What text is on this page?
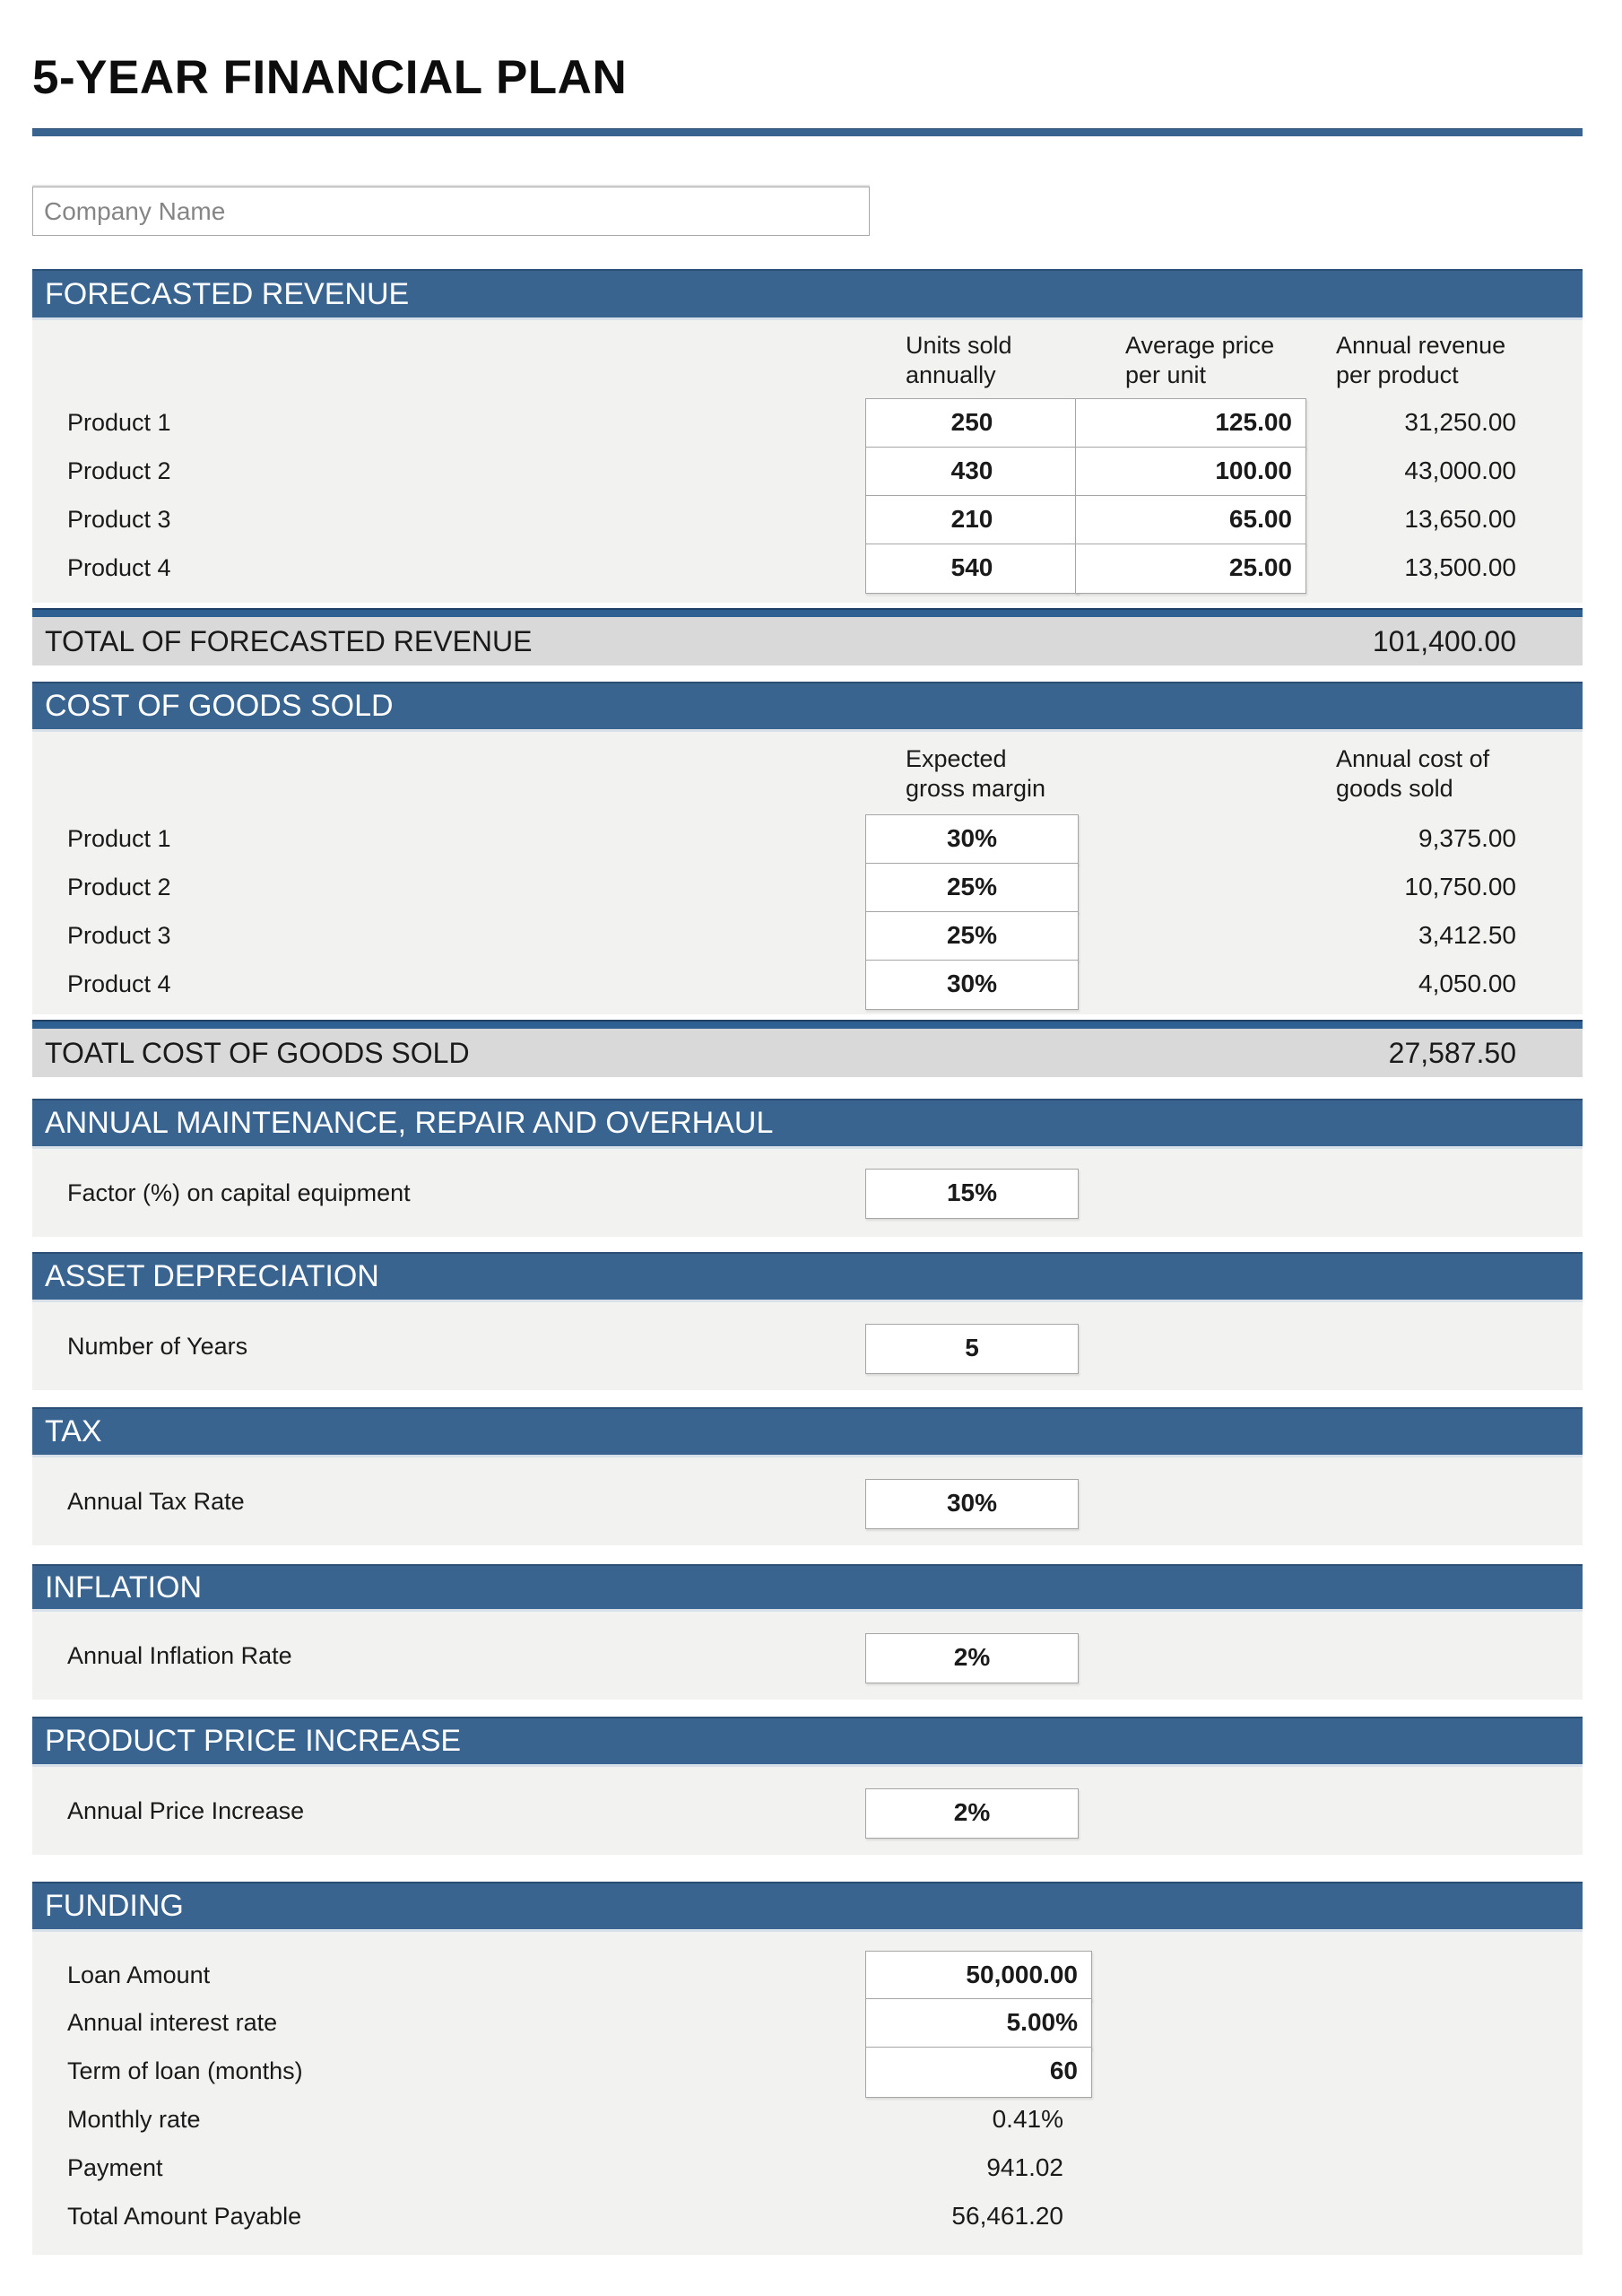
5-YEAR FINANCIAL PLAN
Company Name
FORECASTED REVENUE
Units sold annually
Average price per unit
Annual revenue per product
Product 1	250	125.00	31,250.00
Product 2	430	100.00	43,000.00
Product 3	210	65.00	13,650.00
Product 4	540	25.00	13,500.00
TOTAL OF FORECASTED REVENUE	101,400.00
COST OF GOODS SOLD
Expected gross margin
Annual cost of goods sold
Product 1	30%	9,375.00
Product 2	25%	10,750.00
Product 3	25%	3,412.50
Product 4	30%	4,050.00
TOATL COST OF GOODS SOLD	27,587.50
ANNUAL MAINTENANCE, REPAIR AND OVERHAUL
Factor (%) on capital equipment	15%
ASSET DEPRECIATION
Number of Years	5
TAX
Annual Tax Rate	30%
INFLATION
Annual Inflation Rate	2%
PRODUCT PRICE INCREASE
Annual Price Increase	2%
FUNDING
Loan Amount	50,000.00
Annual interest rate	5.00%
Term of loan (months)	60
Monthly rate	0.41%
Payment	941.02
Total Amount Payable	56,461.20
